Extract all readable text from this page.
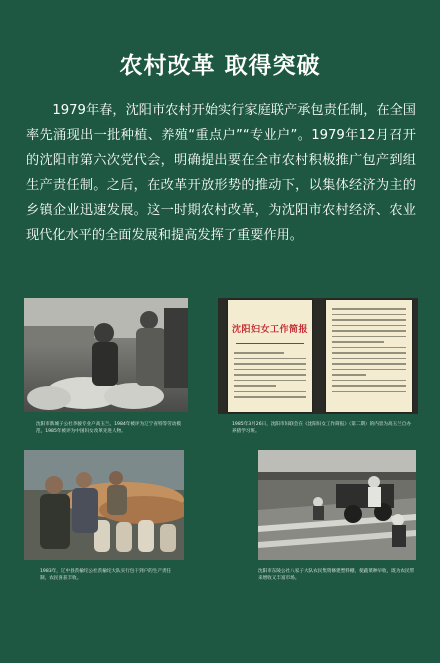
农村改革 取得突破
1979年春，沈阳市农村开始实行家庭联产承包责任制，在全国率先涌现出一批种植、养殖“重点户”“专业户”。1979年12月召开的沈阳市第六次党代会，明确提出要在全市农村积极推广包产到组生产责任制。之后，在改革开放形势的推动下，以集体经济为主的乡镇企业迅速发展。这一时期农村改革，为沈阳市农村经济、农业现代化水平的全面发展和提高发挥了重要作用。
沈阳市新城子公社李骏专业户高玉兰。1984年被评为辽宁省特等劳动模范，1985年被评为中国妇女改革先进人物。
沈阳妇女工作简报
1985年3月26日，沈阳市妇联会在《沈阳妇女工作简报》（第二期）的内容为高玉兰自办养猪学习班。
1983年，辽中县茨榆坨公社茨榆坨大队实行包干到户的生产责任制，农民喜获丰收。
沈阳市东陵公社八家子大队农民集资修建塑料棚，使蔬菜种早收，既为农民带来增收又丰富市场。
